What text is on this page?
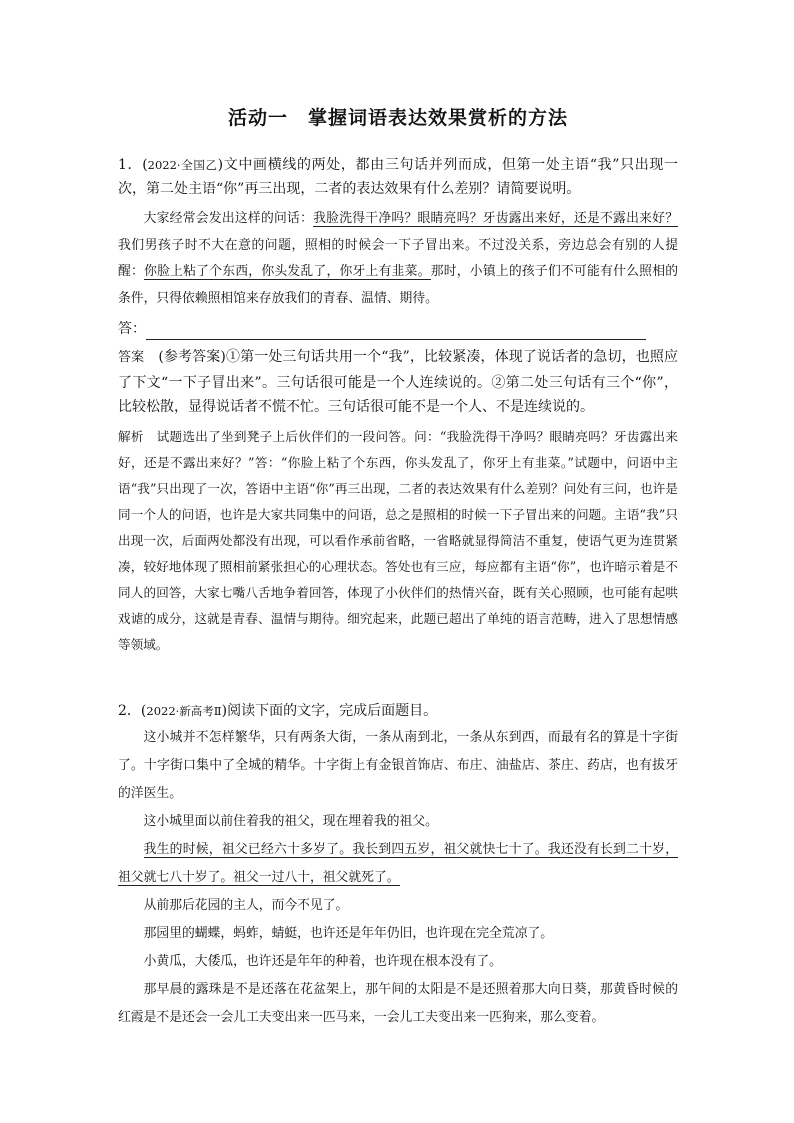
活动一　掌握词语表达效果赏析的方法
1．(2022·全国乙)文中画横线的两处，都由三句话并列而成，但第一处主语“我”只出现一次，第二处主语“你”再三出现，二者的表达效果有什么差别？请简要说明。
大家经常会发出这样的问话：我脸洗得干净吗？眼睛亮吗？牙齿露出来好，还是不露出来好？我们男孩子时不大在意的问题，照相的时候会一下子冒出来。不过没关系，旁边总会有别的人提醒：你脸上粘了个东西，你头发乱了，你牙上有韭菜。那时，小镇上的孩子们不可能有什么照相的条件，只得依赖照相馆来存放我们的青春、温情、期待。
答：
答案　 (参考答案)①第一处三句话共用一个“我”，比较紧凑，体现了说话者的急切，也照应了下文“一下子冒出来”。三句话很可能是一个人连续说的。②第二处三句话有三个“你”，比较松散，显得说话者不慌不忙。三句话很可能不是一个人、不是连续说的。
解析　 试题选出了坐到凳子上后伙伴们的一段问答。问：“我脸洗得干净吗？眼睛亮吗？牙齿露出来好，还是不露出来好？”答：“你脸上粘了个东西，你头发乱了，你牙上有韭菜。”试题中，问语中主语“我”只出现了一次，答语中主语“你”再三出现，二者的表达效果有什么差别？问处有三问，也许是同一个人的问语，也许是大家共同集中的问语，总之是照相的时候一下子冒出来的问题。主语“我”只出现一次，后面两处都没有出现，可以看作承前省略，一省略就显得简洁不重复，使语气更为连贯紧凑，较好地体现了照相前紧张担心的心理状态。答处也有三应，每应都有主语“你”，也许暗示着是不同人的回答，大家七嘴八舌地争着回答，体现了小伙伴们的热情兴奋，既有关心照顾，也可能有起哄戏谑的成分，这就是青春、温情与期待。细究起来，此题已超出了单纯的语言范畴，进入了思想情感等领域。
2．(2022·新高考Ⅱ)阅读下面的文字，完成后面题目。
这小城并不怎样繁华，只有两条大街，一条从南到北，一条从东到西，而最有名的算是十字街了。十字街口集中了全城的精华。十字街上有金银首饰店、布庄、油盐店、茶庄、药店，也有拔牙的洋医生。
这小城里面以前住着我的祖父，现在埋着我的祖父。
我生的时候，祖父已经六十多岁了。我长到四五岁，祖父就快七十了。我还没有长到二十岁，祖父就七八十岁了。祖父一过八十，祖父就死了。
从前那后花园的主人，而今不见了。
那园里的蝴蝶，蚂蚱，蜻蜓，也许还是年年仍旧，也许现在完全荒凉了。
小黄瓜，大倭瓜，也许还是年年的种着，也许现在根本没有了。
那早晨的露珠是不是还落在花盆架上，那午间的太阳是不是还照着那大向日葵，那黄昏时候的红霞是不是还会一会儿工夫变出来一匹马来，一会儿工夫变出来一匹狗来，那么变着。
